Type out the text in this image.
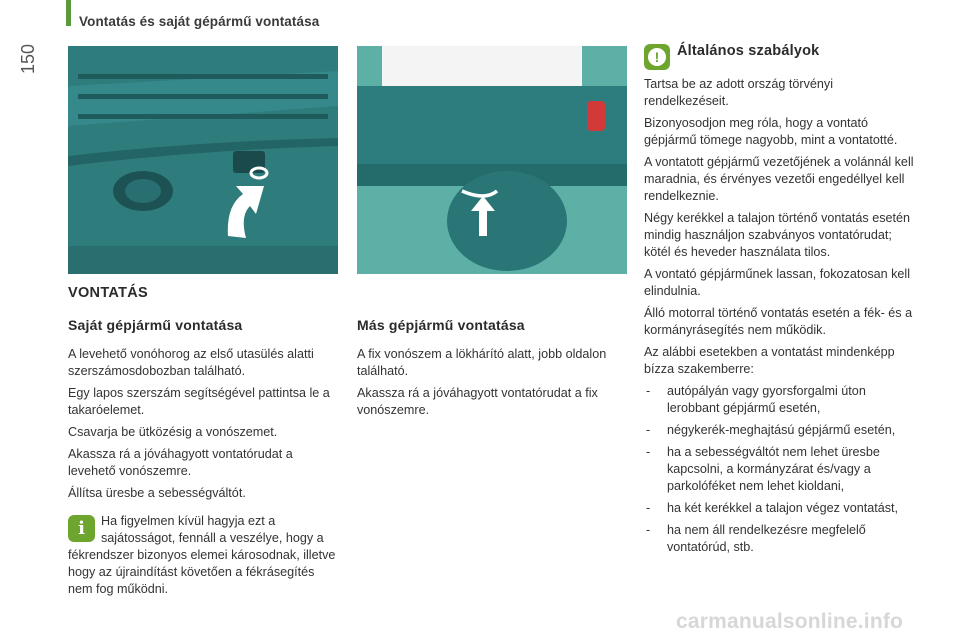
Vontatás és saját gépármű vontatása
150
VONTATÁS
Saját gépjármű vontatása

A levehető vonóhorog az első utasülés alatti szerszámosdobozban található.

Egy lapos szerszám segítségével pattintsa le a takaróelemet.

Csavarja be ütközésig a vonószemet.

Akassza rá a jóváhagyott vontatórudat a levehető vonószemre.

Állítsa üresbe a sebességváltót.

i	Ha figyelmen kívül hagyja ezt a sajátosságot, fennáll a veszélye, hogy a fékrendszer bizonyos elemei károsodnak, illetve hogy az újraindítást követően a fékrásegítés nem fog működni.

Más gépjármű vontatása

A fix vonószem a lökhárító alatt, jobb oldalon található.

Akassza rá a jóváhagyott vontatórudat a fix vonószemre.

!	Általános szabályok

Tartsa be az adott ország törvényi rendelkezéseit.

Bizonyosodjon meg róla, hogy a vontató gépjármű tömege nagyobb, mint a vontatotté.

A vontatott gépjármű vezetőjének a volánnál kell maradnia, és érvényes vezetői engedéllyel kell rendelkeznie.

Négy kerékkel a talajon történő vontatás esetén mindig használjon szabványos vontatórudat; kötél és heveder használata tilos.

A vontató gépjárműnek lassan, fokozatosan kell elindulnia.

Álló motorral történő vontatás esetén a fék- és a kormányrásegítés nem működik.

Az alábbi esetekben a vontatást mindenképp bízza szakemberre:

- autópályán vagy gyorsforgalmi úton lerobbant gépjármű esetén,
- négykerék-meghajtású gépjármű esetén,
- ha a sebességváltót nem lehet üresbe kapcsolni, a kormányzárat és/vagy a parkolóféket nem lehet kioldani,
- ha két kerékkel a talajon végez vontatást,
- ha nem áll rendelkezésre megfelelő vontatórúd, stb.
carmanualsonline.info
